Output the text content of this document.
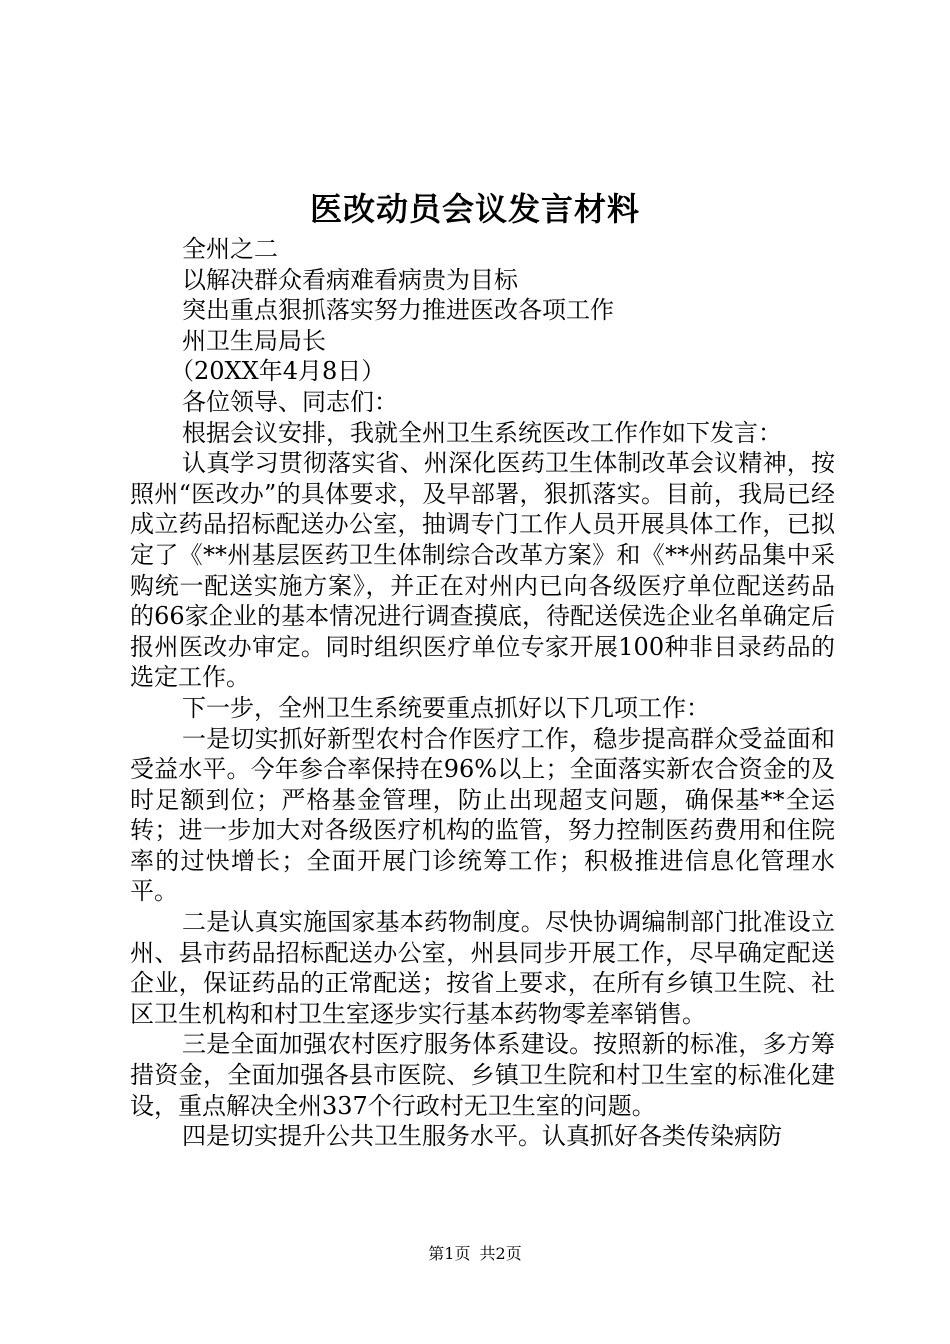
医改动员会议发言材料
全州之二
以解决群众看病难看病贵为目标
突出重点狠抓落实努力推进医改各项工作
州卫生局局长
（20XX年4月8日）
各位领导、同志们：
根据会议安排，我就全州卫生系统医改工作作如下发言：

认真学习贯彻落实省、州深化医药卫生体制改革会议精神，按照州“医改办”的具体要求，及早部署，狠抓落实。目前，我局已经成立药品招标配送办公室，抽调专门工作人员开展具体工作，已拟定了《**州基层医药卫生体制综合改革方案》和《**州药品集中采购统一配送实施方案》，并正在对州内已向各级医疗单位配送药品的66家企业的基本情况进行调查摸底，待配送侯选企业名单确定后报州医改办审定。同时组织医疗单位专家开展100种非目录药品的选定工作。

下一步，全州卫生系统要重点抓好以下几项工作：

一是切实抓好新型农村合作医疗工作，稳步提高群众受益面和受益水平。今年参合率保持在96%以上；全面落实新农合资金的及时足额到位；严格基金管理，防止出现超支问题，确保基**全运转；进一步加大对各级医疗机构的监管，努力控制医药费用和住院率的过快增长；全面开展门诊统筹工作；积极推进信息化管理水平。

二是认真实施国家基本药物制度。尽快协调编制部门批准设立州、县市药品招标配送办公室，州县同步开展工作，尽早确定配送企业，保证药品的正常配送；按省上要求，在所有乡镇卫生院、社区卫生机构和村卫生室逐步实行基本药物零差率销售。

三是全面加强农村医疗服务体系建设。按照新的标准，多方筹措资金，全面加强各县市医院、乡镇卫生院和村卫生室的标准化建设，重点解决全州337个行政村无卫生室的问题。

四是切实提升公共卫生服务水平。认真抓好各类传染病防

第1页 共2页
